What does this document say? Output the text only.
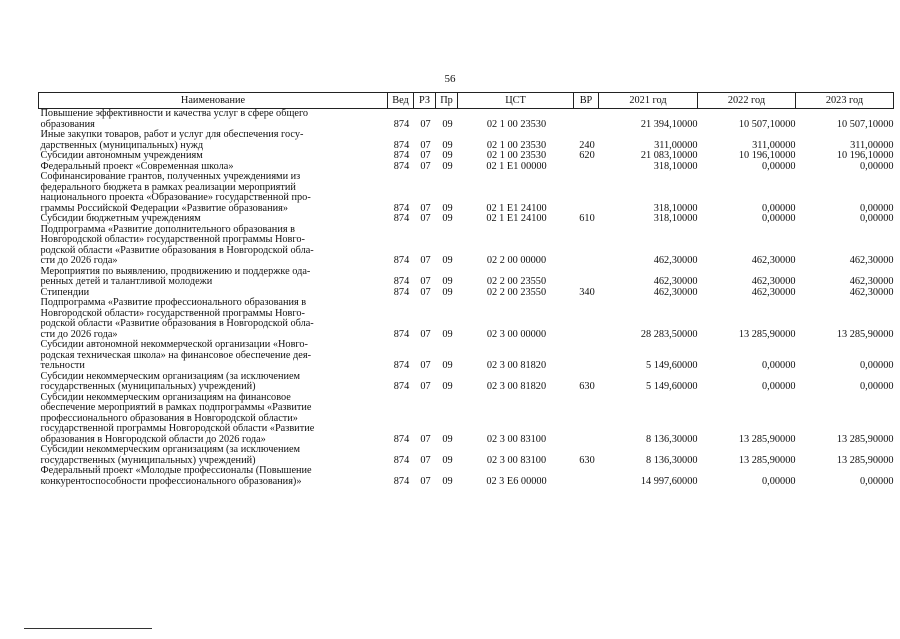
56
Наименование	Вед	РЗ	Пр	ЦСТ	ВР	2021 год	2022 год	2023 год
Повышение эффективности и качества услуг в сфере общего
образования	874	07	09	02 1 00 23530		21 394,10000	10 507,10000	10 507,10000
Иные закупки товаров, работ и услуг для обеспечения госу-
дарственных (муниципальных) нужд	874	07	09	02 1 00 23530	240	311,00000	311,00000	311,00000
Субсидии автономным учреждениям	874	07	09	02 1 00 23530	620	21 083,10000	10 196,10000	10 196,10000
Федеральный проект «Современная школа»	874	07	09	02 1 E1 00000		318,10000	0,00000	0,00000
Софинансирование грантов, полученных учреждениями из
федерального бюджета в рамках реализации мероприятий
национального проекта «Образование» государственной про-
граммы Российской Федерации «Развитие образования»	874	07	09	02 1 E1 24100		318,10000	0,00000	0,00000
Субсидии бюджетным учреждениям	874	07	09	02 1 E1 24100	610	318,10000	0,00000	0,00000
Подпрограмма «Развитие дополнительного образования в
Новгородской области» государственной программы Новго-
родской области «Развитие образования в Новгородской обла-
сти до 2026 года»	874	07	09	02 2 00 00000		462,30000	462,30000	462,30000
Мероприятия по выявлению, продвижению и поддержке ода-
ренных детей и талантливой молодежи	874	07	09	02 2 00 23550		462,30000	462,30000	462,30000
Стипендии	874	07	09	02 2 00 23550	340	462,30000	462,30000	462,30000
Подпрограмма «Развитие профессионального образования в
Новгородской области» государственной программы Новго-
родской области «Развитие образования в Новгородской обла-
сти до 2026 года»	874	07	09	02 3 00 00000		28 283,50000	13 285,90000	13 285,90000
Субсидии автономной некоммерческой организации «Новго-
родская техническая школа» на финансовое обеспечение дея-
тельности	874	07	09	02 3 00 81820		5 149,60000	0,00000	0,00000
Субсидии некоммерческим организациям (за исключением
государственных (муниципальных) учреждений)	874	07	09	02 3 00 81820	630	5 149,60000	0,00000	0,00000
Субсидии некоммерческим организациям на финансовое
обеспечение мероприятий в рамках подпрограммы «Развитие
профессионального образования в Новгородской области»
государственной программы Новгородской области «Развитие
образования в Новгородской области до 2026 года»	874	07	09	02 3 00 83100		8 136,30000	13 285,90000	13 285,90000
Субсидии некоммерческим организациям (за исключением
государственных (муниципальных) учреждений)	874	07	09	02 3 00 83100	630	8 136,30000	13 285,90000	13 285,90000
Федеральный проект «Молодые профессионалы (Повышение
конкурентоспособности профессионального образования)»	874	07	09	02 3 E6 00000		14 997,60000	0,00000	0,00000
